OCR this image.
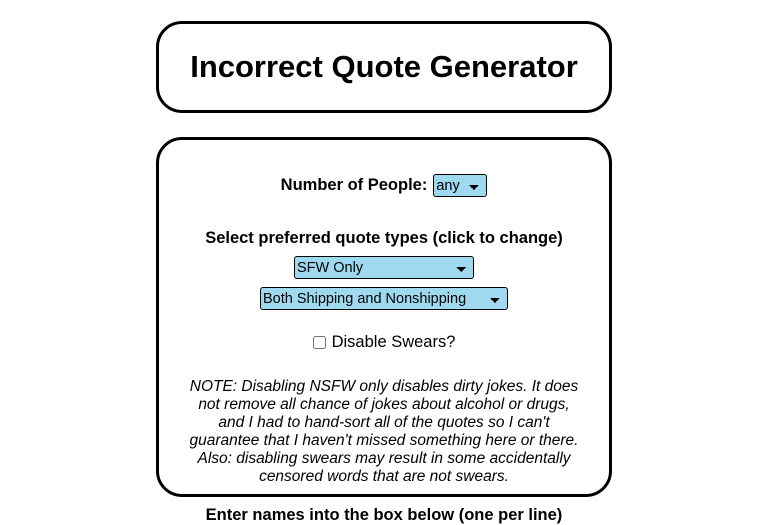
Incorrect Quote Generator
Number of People:
any
Select preferred quote types (click to change)
SFW Only
Both Shipping and Nonshipping
Disable Swears?
NOTE: Disabling NSFW only disables dirty jokes. It does not remove all chance of jokes about alcohol or drugs, and I had to hand-sort all of the quotes so I can't guarantee that I haven't missed something here or there. Also: disabling swears may result in some accidentally censored words that are not swears.
Enter names into the box below (one per line)
